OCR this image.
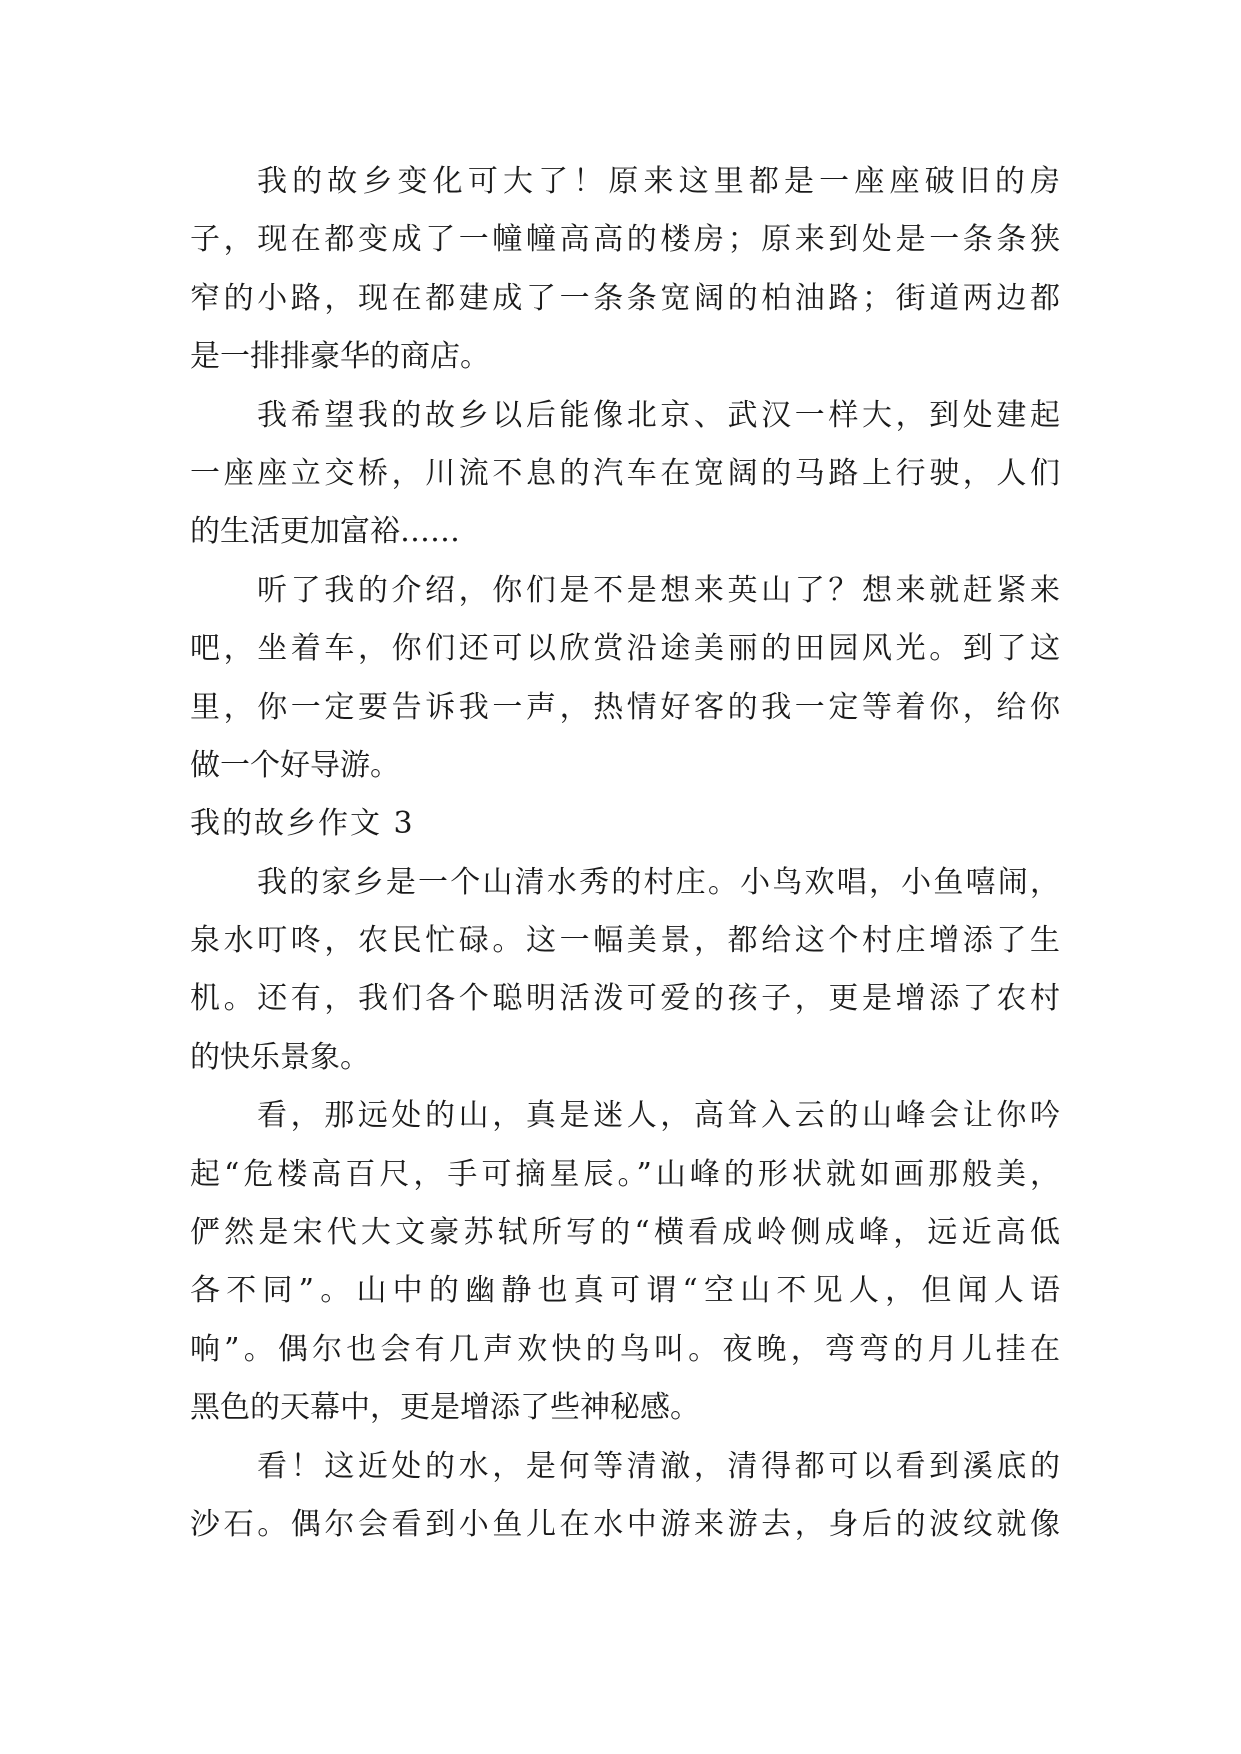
我的故乡变化可大了！原来这里都是一座座破旧的房
子，现在都变成了一幢幢高高的楼房；原来到处是一条条狭
窄的小路，现在都建成了一条条宽阔的柏油路；街道两边都
是一排排豪华的商店。
我希望我的故乡以后能像北京、武汉一样大，到处建起
一座座立交桥，川流不息的汽车在宽阔的马路上行驶，人们
的生活更加富裕……
听了我的介绍，你们是不是想来英山了？想来就赶紧来
吧，坐着车，你们还可以欣赏沿途美丽的田园风光。到了这
里，你一定要告诉我一声，热情好客的我一定等着你，给你
做一个好导游。
我的故乡作文 3
我的家乡是一个山清水秀的村庄。小鸟欢唱，小鱼嘻闹，
泉水叮咚，农民忙碌。这一幅美景，都给这个村庄增添了生
机。还有，我们各个聪明活泼可爱的孩子，更是增添了农村
的快乐景象。
看，那远处的山，真是迷人，高耸入云的山峰会让你吟
起“危楼高百尺，手可摘星辰。”山峰的形状就如画那般美，
俨然是宋代大文豪苏轼所写的“横看成岭侧成峰，远近高低
各不同”。山中的幽静也真可谓“空山不见人，但闻人语
响”。偶尔也会有几声欢快的鸟叫。夜晚，弯弯的月儿挂在
黑色的天幕中，更是增添了些神秘感。
看！这近处的水，是何等清澈，清得都可以看到溪底的
沙石。偶尔会看到小鱼儿在水中游来游去，身后的波纹就像
